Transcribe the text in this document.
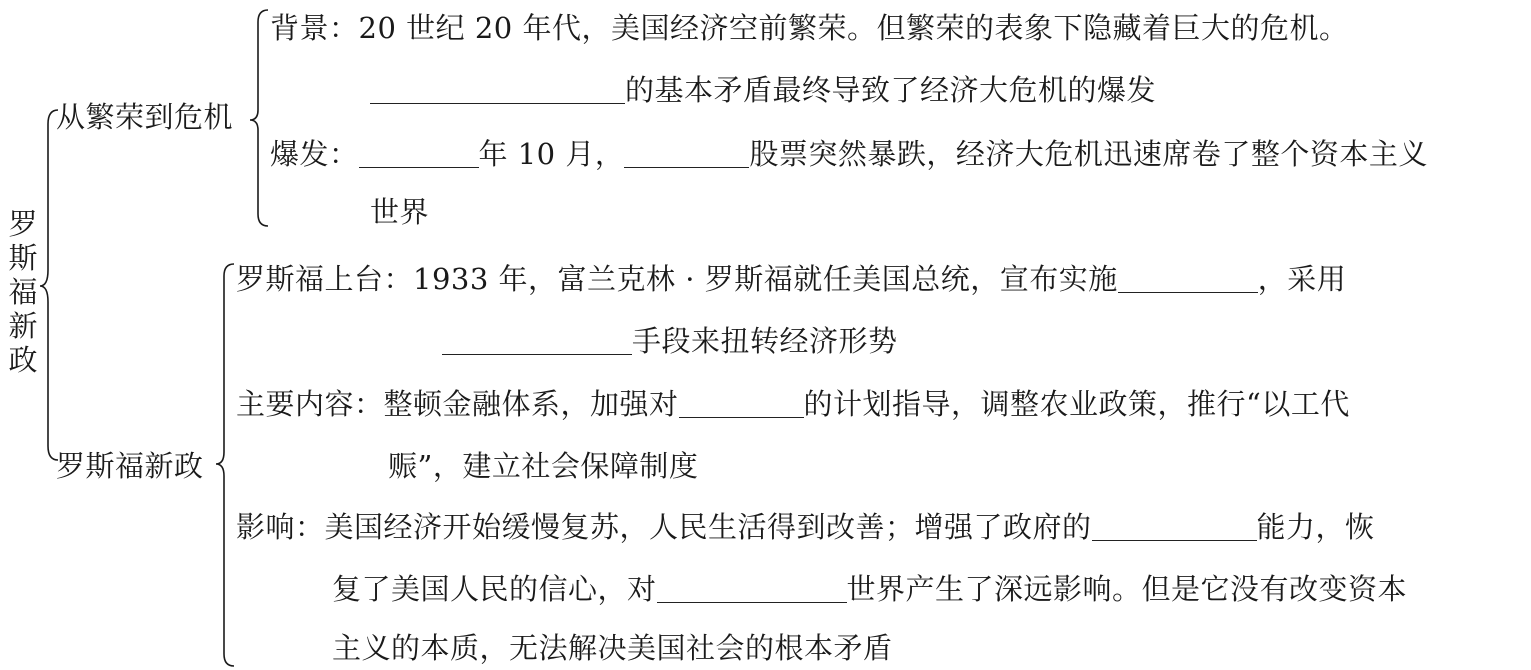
罗
斯
福
新
政
从繁荣到危机
背景：20 世纪 20 年代，美国经济空前繁荣。但繁荣的表象下隐藏着巨大的危机。
的基本矛盾最终导致了经济大危机的爆发
爆发：	年 10 月，	股票突然暴跌，经济大危机迅速席卷了整个资本主义
世界
罗斯福新政
罗斯福上台：1933 年，富兰克林 · 罗斯福就任美国总统，宣布实施	，采用
手段来扭转经济形势
主要内容：整顿金融体系，加强对	的计划指导，调整农业政策，推行“以工代
赈”，建立社会保障制度
影响：美国经济开始缓慢复苏，人民生活得到改善；增强了政府的	能力，恢
复了美国人民的信心，对	世界产生了深远影响。但是它没有改变资本
主义的本质，无法解决美国社会的根本矛盾
